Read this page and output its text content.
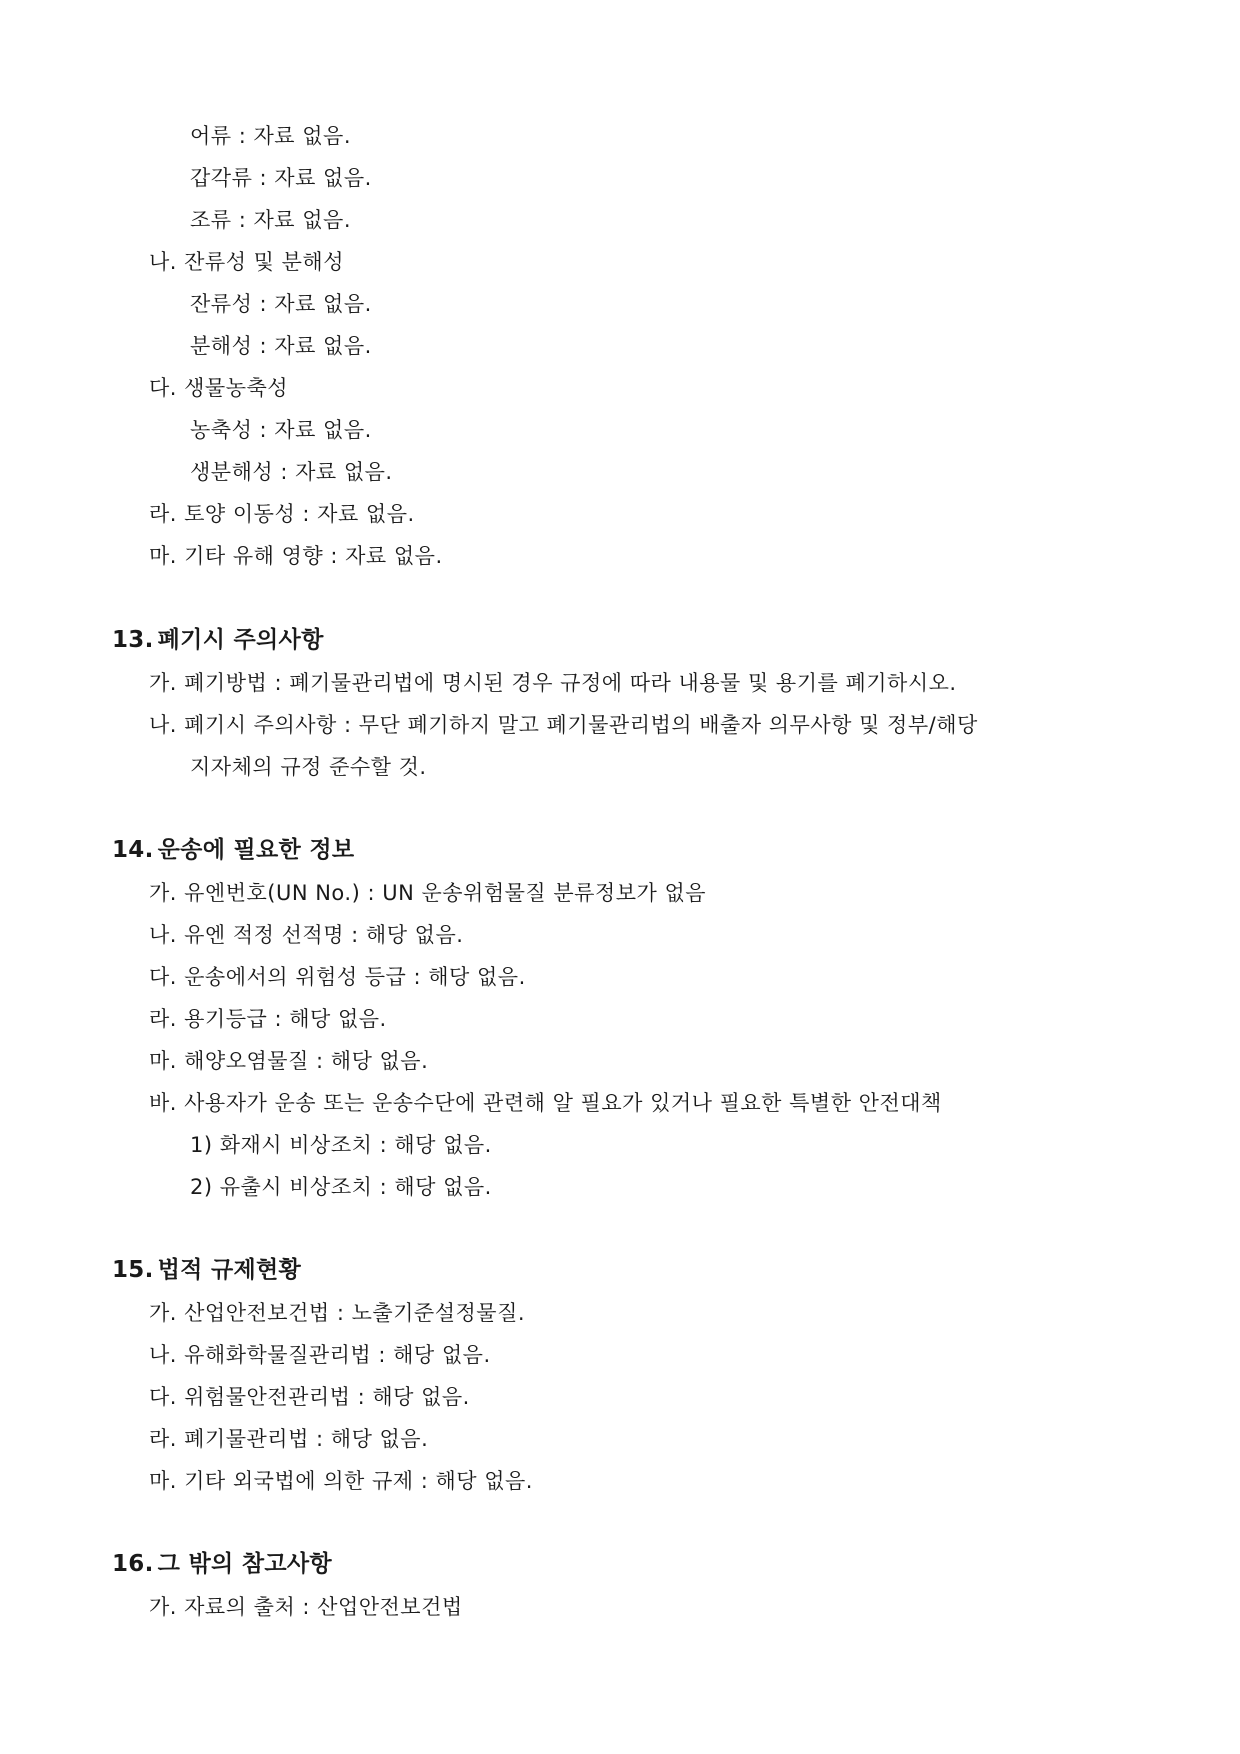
어류 : 자료 없음.
갑각류 : 자료 없음.
조류 : 자료 없음.
나. 잔류성 및 분해성
잔류성 : 자료 없음.
분해성 : 자료 없음.
다. 생물농축성
농축성 : 자료 없음.
생분해성 : 자료 없음.
라. 토양 이동성 : 자료 없음.
마. 기타 유해 영향 : 자료 없음.
13. 폐기시 주의사항
가. 폐기방법 : 폐기물관리법에 명시된 경우 규정에 따라 내용물 및 용기를 폐기하시오.
나. 폐기시 주의사항 : 무단 폐기하지 말고 폐기물관리법의 배출자 의무사항 및 정부/해당
지자체의 규정 준수할 것.
14. 운송에 필요한 정보
가. 유엔번호(UN No.) : UN 운송위험물질 분류정보가 없음
나. 유엔 적정 선적명 : 해당 없음.
다. 운송에서의 위험성 등급 : 해당 없음.
라. 용기등급 : 해당 없음.
마. 해양오염물질 : 해당 없음.
바. 사용자가 운송 또는 운송수단에 관련해 알 필요가 있거나 필요한 특별한 안전대책
1) 화재시 비상조치 : 해당 없음.
2) 유출시 비상조치 : 해당 없음.
15. 법적 규제현황
가. 산업안전보건법 : 노출기준설정물질.
나. 유해화학물질관리법 : 해당 없음.
다. 위험물안전관리법 : 해당 없음.
라. 폐기물관리법 : 해당 없음.
마. 기타 외국법에 의한 규제 : 해당 없음.
16. 그 밖의 참고사항
가. 자료의 출처 : 산업안전보건법
